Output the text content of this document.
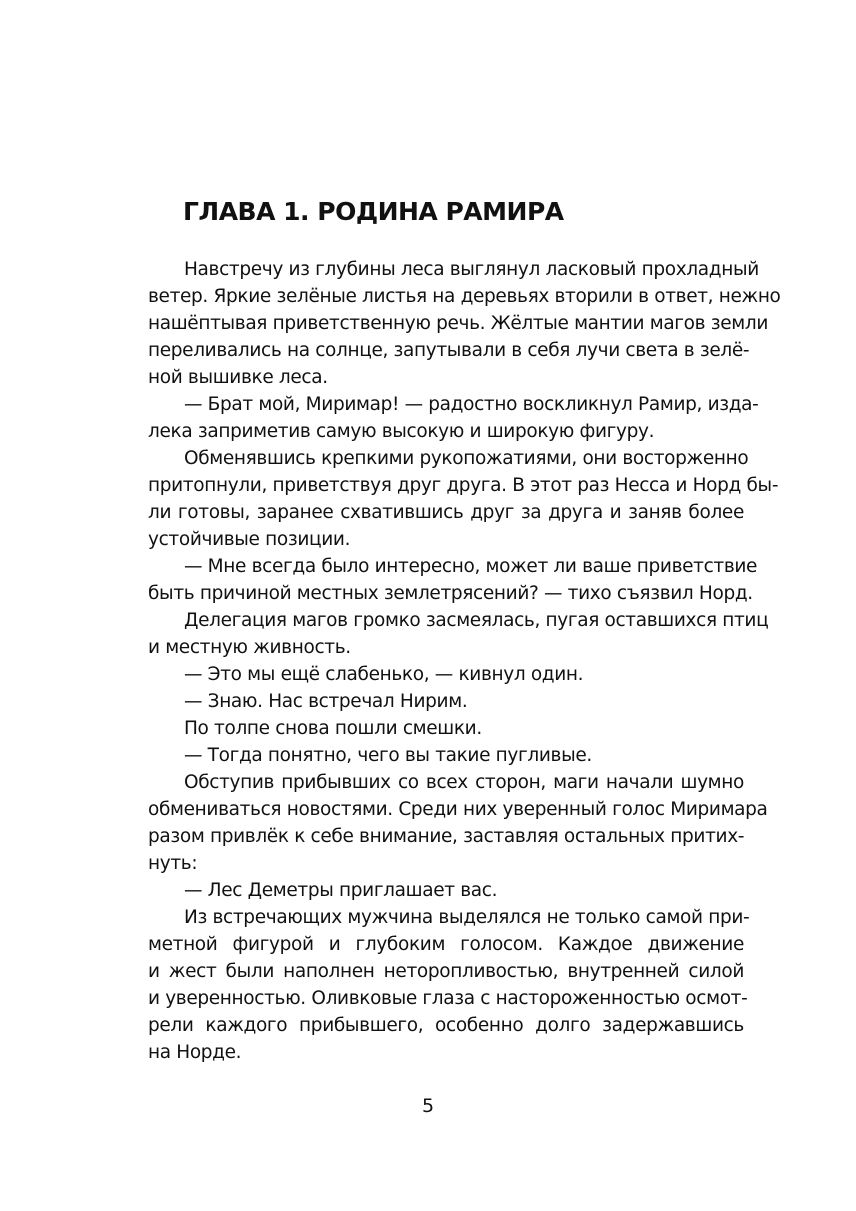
ГЛАВА 1. РОДИНА РАМИРА
Навстречу из глубины леса выглянул ласковый прохладный
ветер. Яркие зелёные листья на деревьях вторили в ответ, нежно
нашёптывая приветственную речь. Жёлтые мантии магов земли
переливались на солнце, запутывали в себя лучи света в зелё-
ной вышивке леса.
— Брат мой, Миримар! — радостно воскликнул Рамир, изда-
лека заприметив самую высокую и широкую фигуру.
Обменявшись крепкими рукопожатиями, они восторженно
притопнули, приветствуя друг друга. В этот раз Несса и Норд бы-
ли готовы, заранее схватившись друг за друга и заняв более
устойчивые позиции.
— Мне всегда было интересно, может ли ваше приветствие
быть причиной местных землетрясений? — тихо съязвил Норд.
Делегация магов громко засмеялась, пугая оставшихся птиц
и местную живность.
— Это мы ещё слабенько, — кивнул один.
— Знаю. Нас встречал Нирим.
По толпе снова пошли смешки.
— Тогда понятно, чего вы такие пугливые.
Обступив прибывших со всех сторон, маги начали шумно
обмениваться новостями. Среди них уверенный голос Миримара
разом привлёк к себе внимание, заставляя остальных притих-
нуть:
— Лес Деметры приглашает вас.
Из встречающих мужчина выделялся не только самой при-
метной фигурой и глубоким голосом. Каждое движение
и жест были наполнен неторопливостью, внутренней силой
и уверенностью. Оливковые глаза с настороженностью осмот-
рели каждого прибывшего, особенно долго задержавшись
на Норде.
5
